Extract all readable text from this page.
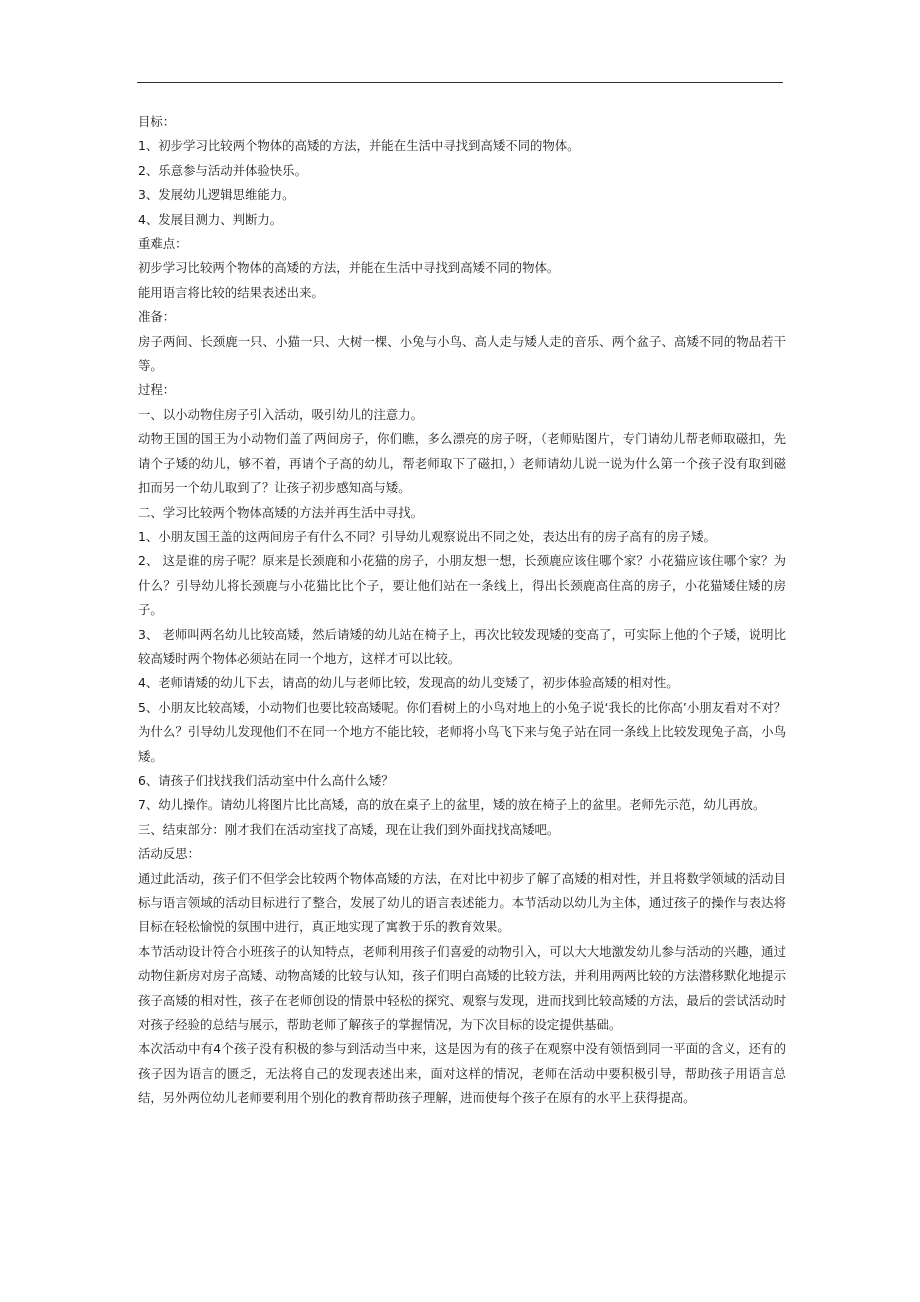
目标：

1、初步学习比较两个物体的高矮的方法，并能在生活中寻找到高矮不同的物体。

2、乐意参与活动并体验快乐。

3、发展幼儿逻辑思维能力。

4、发展目测力、判断力。

重难点：

初步学习比较两个物体的高矮的方法，并能在生活中寻找到高矮不同的物体。

能用语言将比较的结果表述出来。

准备：

房子两间、长颈鹿一只、小猫一只、大树一棵、小兔与小鸟、高人走与矮人走的音乐、两个盆子、高矮不同的物品若干等。

过程：

一、以小动物住房子引入活动，吸引幼儿的注意力。

动物王国的国王为小动物们盖了两间房子，你们瞧，多么漂亮的房子呀，（老师贴图片，专门请幼儿帮老师取磁扣，先请个子矮的幼儿，够不着，再请个子高的幼儿，帮老师取下了磁扣，）老师请幼儿说一说为什么第一个孩子没有取到磁扣而另一个幼儿取到了？让孩子初步感知高与矮。

二、学习比较两个物体高矮的方法并再生活中寻找。

1、小朋友国王盖的这两间房子有什么不同？引导幼儿观察说出不同之处，表达出有的房子高有的房子矮。

2、 这是谁的房子呢？原来是长颈鹿和小花猫的房子，小朋友想一想，长颈鹿应该住哪个家？小花猫应该住哪个家？为什么？引导幼儿将长颈鹿与小花猫比比个子，要让他们站在一条线上，得出长颈鹿高住高的房子，小花猫矮住矮的房子。

3、 老师叫两名幼儿比较高矮，然后请矮的幼儿站在椅子上，再次比较发现矮的变高了，可实际上他的个子矮，说明比较高矮时两个物体必须站在同一个地方，这样才可以比较。

4、老师请矮的幼儿下去，请高的幼儿与老师比较，发现高的幼儿变矮了，初步体验高矮的相对性。

5、小朋友比较高矮，小动物们也要比较高矮呢。你们看树上的小鸟对地上的小兔子说‘我长的比你高’小朋友看对不对？为什么？引导幼儿发现他们不在同一个地方不能比较，老师将小鸟飞下来与兔子站在同一条线上比较发现兔子高，小鸟矮。

6、请孩子们找找我们活动室中什么高什么矮？

7、幼儿操作。请幼儿将图片比比高矮，高的放在桌子上的盆里，矮的放在椅子上的盆里。老师先示范，幼儿再放。

三、结束部分：刚才我们在活动室找了高矮，现在让我们到外面找找高矮吧。

活动反思：

通过此活动，孩子们不但学会比较两个物体高矮的方法，在对比中初步了解了高矮的相对性，并且将数学领域的活动目标与语言领域的活动目标进行了整合，发展了幼儿的语言表述能力。本节活动以幼儿为主体，通过孩子的操作与表达将目标在轻松愉悦的氛围中进行，真正地实现了寓教于乐的教育效果。

本节活动设计符合小班孩子的认知特点，老师利用孩子们喜爱的动物引入，可以大大地激发幼儿参与活动的兴趣，通过动物住新房对房子高矮、动物高矮的比较与认知，孩子们明白高矮的比较方法，并利用两两比较的方法潜移默化地提示孩子高矮的相对性，孩子在老师创设的情景中轻松的探究、观察与发现，进而找到比较高矮的方法，最后的尝试活动时对孩子经验的总结与展示，帮助老师了解孩子的掌握情况，为下次目标的设定提供基础。

本次活动中有4个孩子没有积极的参与到活动当中来，这是因为有的孩子在观察中没有领悟到同一平面的含义，还有的孩子因为语言的匮乏，无法将自己的发现表述出来，面对这样的情况，老师在活动中要积极引导，帮助孩子用语言总结，另外两位幼儿老师要利用个别化的教育帮助孩子理解，进而使每个孩子在原有的水平上获得提高。
